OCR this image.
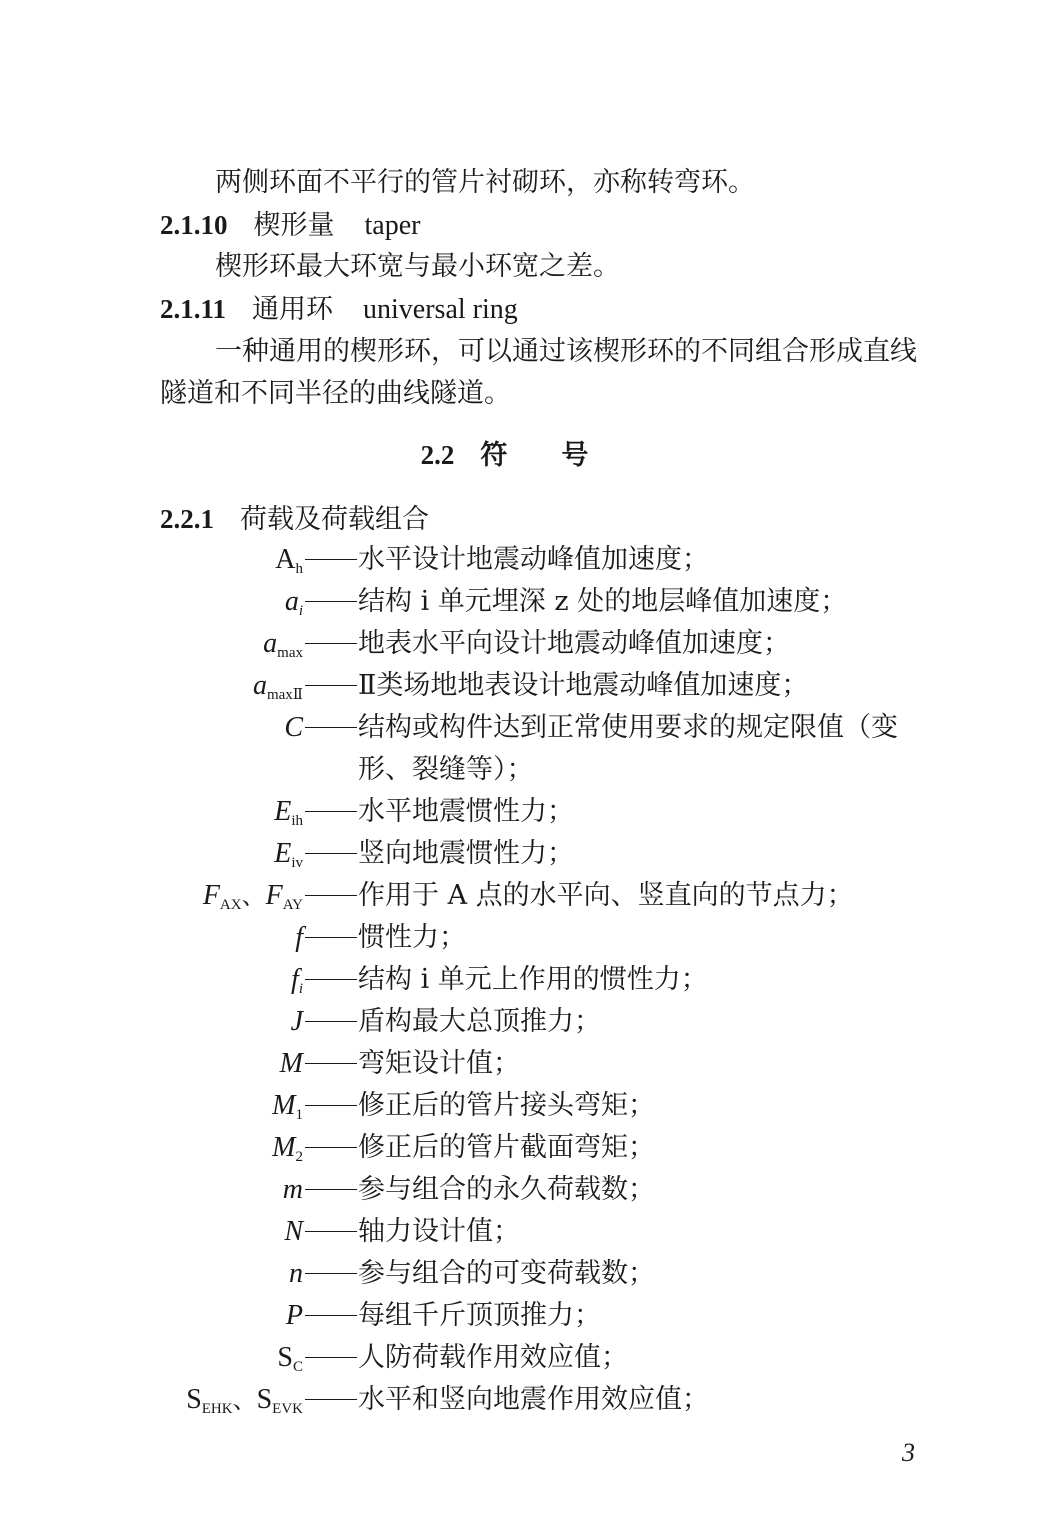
两侧环面不平行的管片衬砌环，亦称转弯环。
2.1.10 楔形量 taper
楔形环最大环宽与最小环宽之差。
2.1.11 通用环 universal ring
一种通用的楔形环，可以通过该楔形环的不同组合形成直线
隧道和不同半径的曲线隧道。
2.2 符号
2.2.1 荷载及荷载组合
$A_h$ 水平设计地震动峰值加速度；
$a_i$ 结构 i 单元埋深 z 处的地层峰值加速度；
$a_{max}$ 地表水平向设计地震动峰值加速度；
$a_{maxⅡ}$ Ⅱ类场地地表设计地震动峰值加速度；
C 结构或构件达到正常使用要求的规定限值（变
形、裂缝等）；
$E_{ih}$ 水平地震惯性力；
$E_{iv}$ 竖向地震惯性力；
$F_{AX}$、$F_{AY}$ 作用于 A 点的水平向、竖直向的节点力；
f 惯性力；
$f_i$ 结构 i 单元上作用的惯性力；
J 盾构最大总顶推力；
M 弯矩设计值；
$M_1$ 修正后的管片接头弯矩；
$M_2$ 修正后的管片截面弯矩；
m 参与组合的永久荷载数；
N 轴力设计值；
n 参与组合的可变荷载数；
P 每组千斤顶顶推力；
$S_C$ 人防荷载作用效应值；
$S_{EHK}$、$S_{EVK}$ 水平和竖向地震作用效应值；
3
